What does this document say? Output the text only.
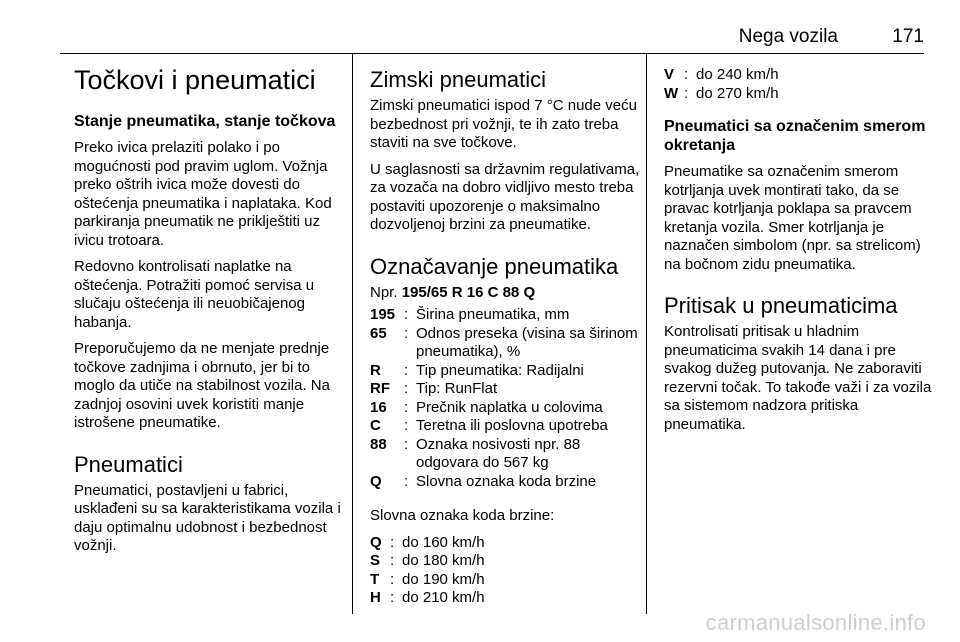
Nega vozila	171
Točkovi i pneumatici
Stanje pneumatika, stanje točkova

Preko ivica prelaziti polako i po mogućnosti pod pravim uglom. Vožnja preko oštrih ivica može dovesti do oštećenja pneumatika i naplataka. Kod parkiranja pneumatik ne priklještiti uz ivicu trotoara.

Redovno kontrolisati naplatke na oštećenja. Potražiti pomoć servisa u slučaju oštećenja ili neuobičajenog habanja.

Preporučujemo da ne menjate prednje točkove zadnjima i obrnuto, jer bi to moglo da utiče na stabilnost vozila. Na zadnjoj osovini uvek koristiti manje istrošene pneumatike.

Pneumatici

Pneumatici, postavljeni u fabrici, usklađeni su sa karakteristikama vozila i daju optimalnu udobnost i bezbednost vožnji.

Zimski pneumatici

Zimski pneumatici ispod 7 °C nude veću bezbednost pri vožnji, te ih zato treba staviti na sve točkove.

U saglasnosti sa državnim regulativama, za vozača na dobro vidljivo mesto treba postaviti upozorenje o maksimalno dozvoljenoj brzini za pneumatike.

Označavanje pneumatika

Npr. 195/65 R 16 C 88 Q

195 : Širina pneumatika, mm
65	: Odnos preseka (visina sa širinom pneumatika), %
R	: Tip pneumatika: Radijalni
RF : Tip: RunFlat
16	: Prečnik naplatka u colovima
C	: Teretna ili poslovna upotreba
88	: Oznaka nosivosti npr. 88 odgovara do 567 kg
Q	: Slovna oznaka koda brzine

Slovna oznaka koda brzine:

Q : do 160 km/h
S : do 180 km/h
T : do 190 km/h
H : do 210 km/h
V : do 240 km/h
W : do 270 km/h
Pneumatici sa označenim smerom okretanja

Pneumatike sa označenim smerom kotrljanja uvek montirati tako, da se pravac kotrljanja poklapa sa pravcem kretanja vozila. Smer kotrljanja je naznačen simbolom (npr. sa strelicom) na bočnom zidu pneumatika.

Pritisak u pneumaticima

Kontrolisati pritisak u hladnim pneumaticima svakih 14 dana i pre svakog dužeg putovanja. Ne zaboraviti rezervni točak. To takođe važi i za vozila sa sistemom nadzora pritiska pneumatika.

carmanualsonline.info
